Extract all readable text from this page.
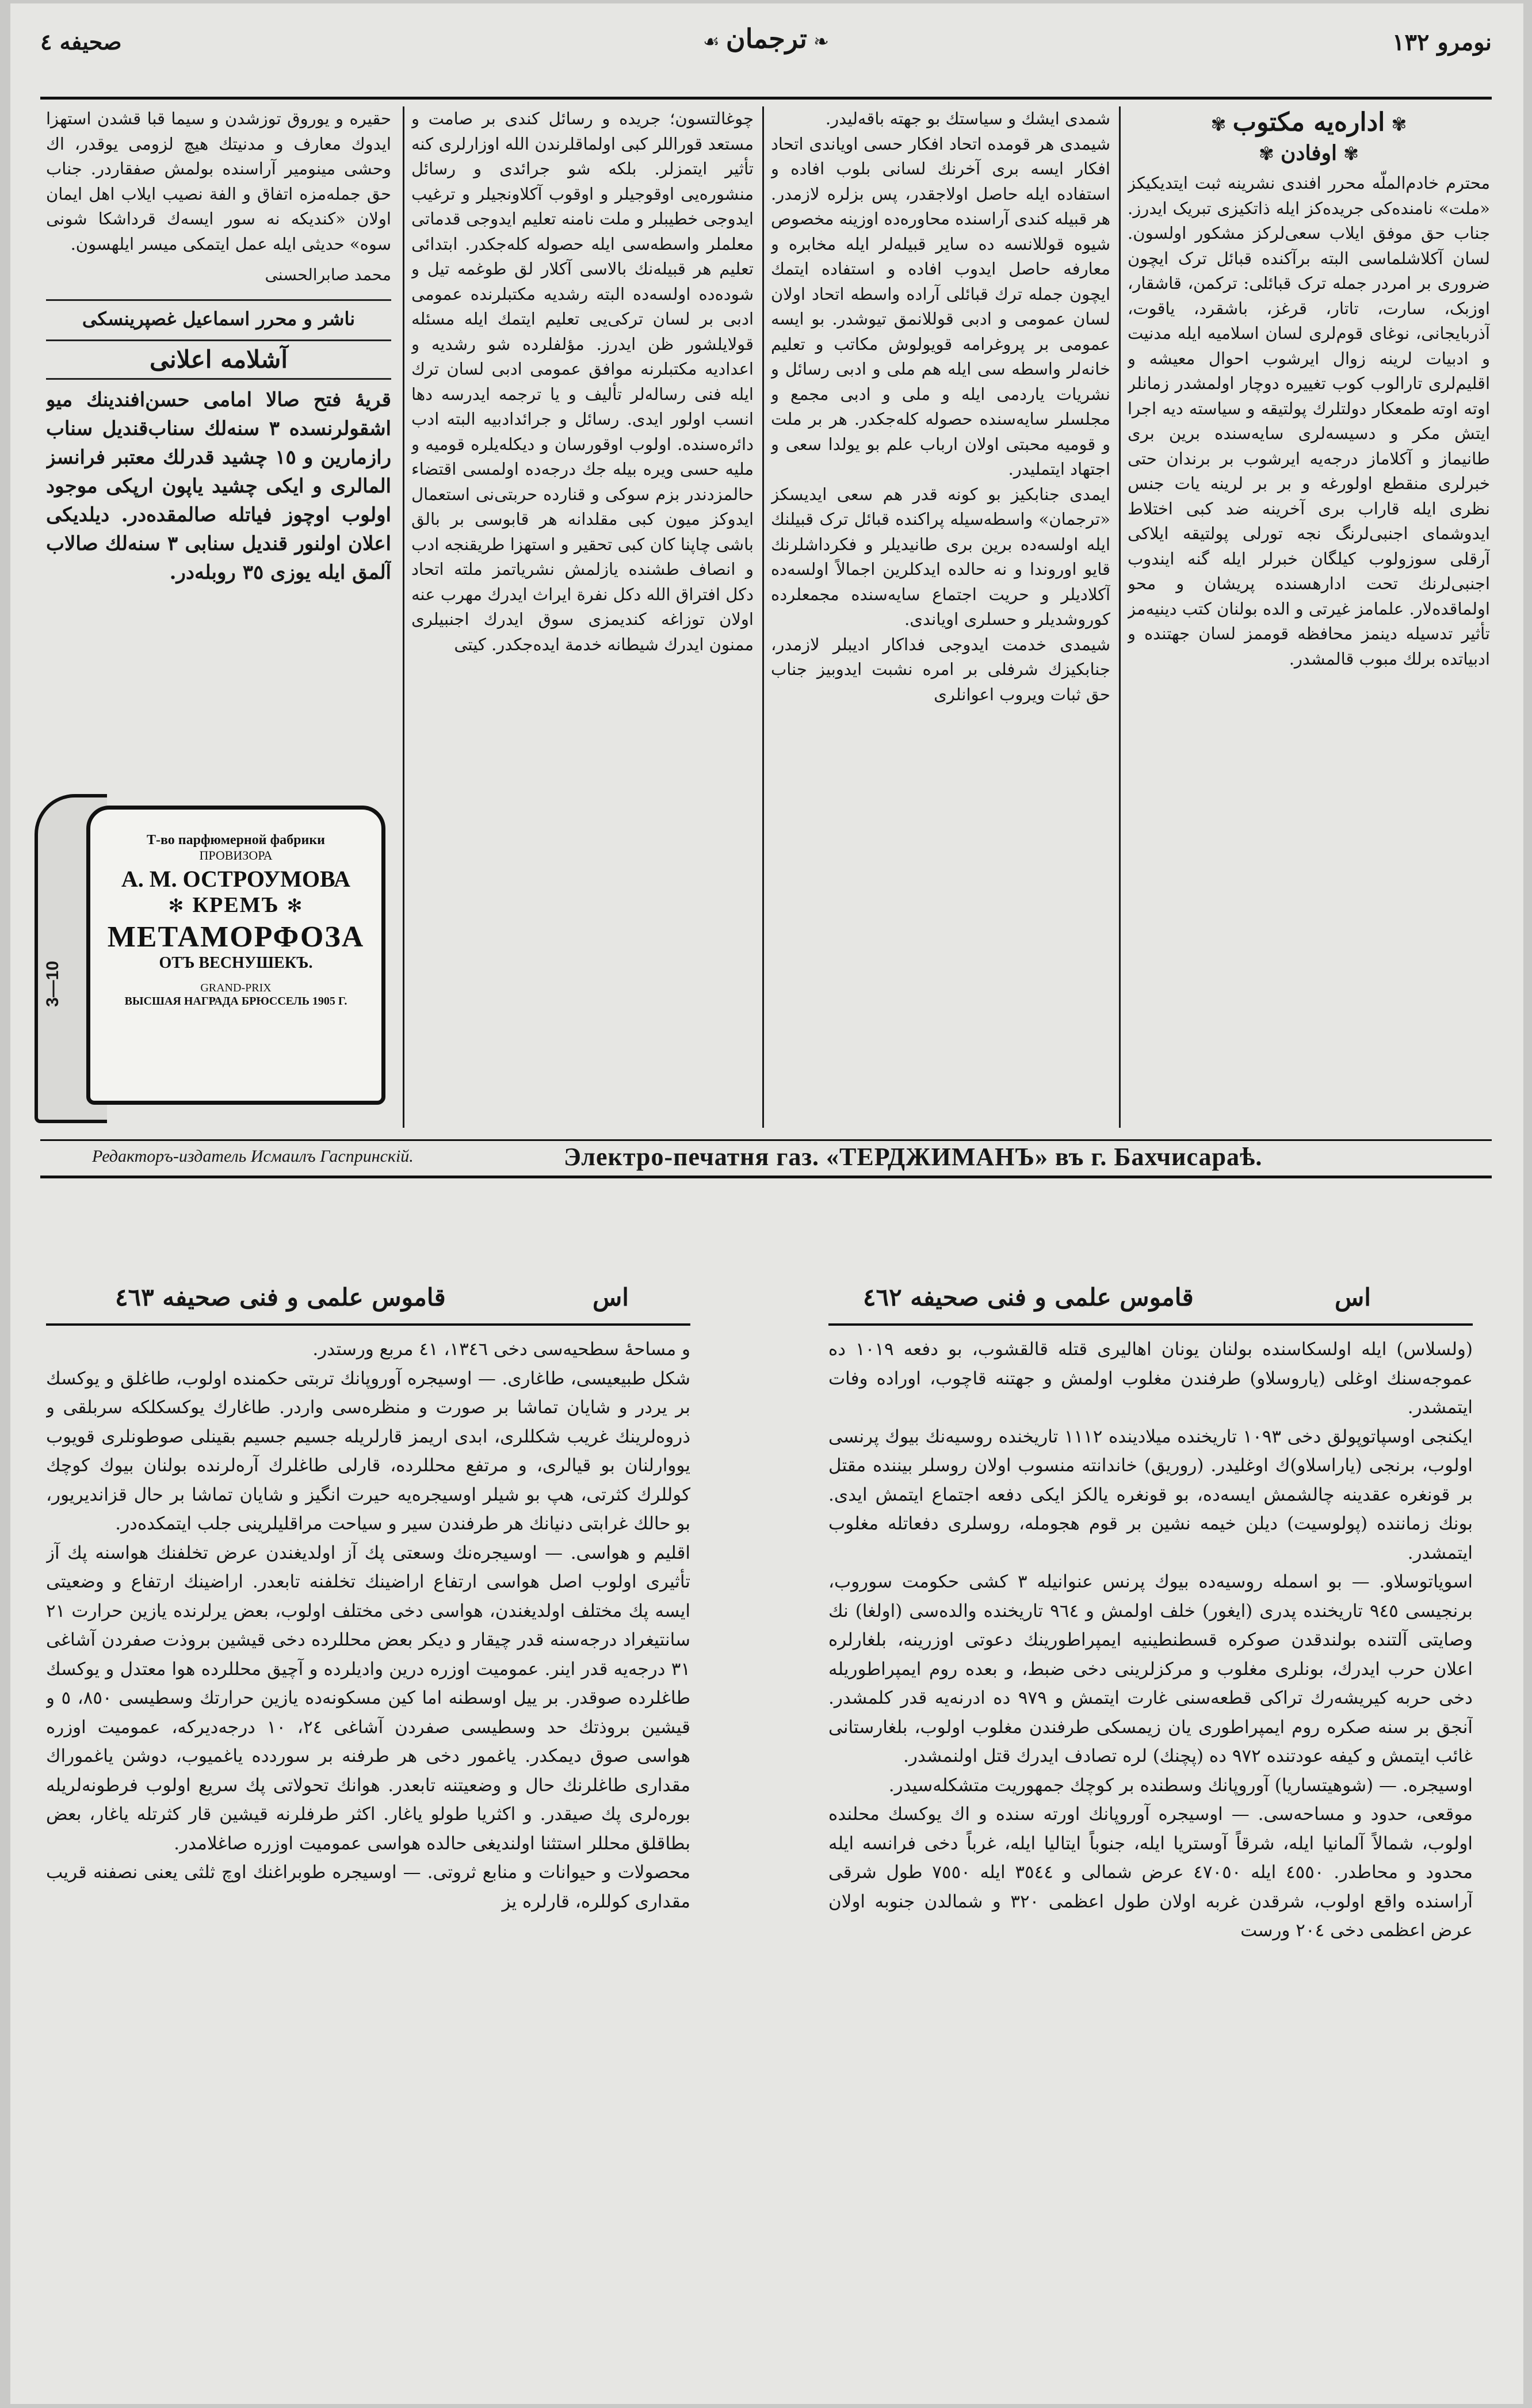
صحیفه ٤	❧ ترجمان ☙	نومرو ١٣٢
✾ اداره‌یه مکتوب ✾
✾ اوفادن ✾

محترم خادم‌الملّه محرر افندی نشرینه ثبت ایتدیکیکز «ملت» نامنده‌کی جریده‌کز ایله ذاتکیزی تبریک ایدرز. جناب حق موفق ایلاب سعی‌لرکز مشکور اولسون. لسان آکلاشلماسی البته برآکنده قبائل ترک ایچون ضروری بر امردر جمله ترک قبائلی: ترکمن، قاشقار، اوزبک، سارت، تاتار، قرغز، باشقرد، یاقوت، آذربایجانی، نوغای قوم‌لری لسان اسلامیه ایله مدنیت و ادبیات لرینه زوال ایرشوب احوال معیشه و اقلیم‌لری تارالوب کوب تغییره دوچار اولمشدر زمانلر اوته اوته طمعکار دولتلرك پولتیقه و سیاسته دیه اجرا ایتش مکر و دسیسه‌لری سایه‌سنده برین بری طانیماز و آکلاماز درجه‌یه ایرشوب بر برندان حتی خبرلری منقطع اولورغه و بر بر لرینه یات جنس نظری ایله قاراب بری آخرینه ضد کبی اختلاط ایدوشمای اجنبی‌لرنگ نجه تورلی پولتیقه ایلاکی آرقلی سوزولوب کیلگان خبرلر ایله گنه ایندوب اجنبی‌لرنك تحت ادارهسنده پریشان و محو اولماقده‌لار. علمامز غیرتی و الده بولنان کتب دینیه‌مز تأثیر تدسیله دینمز محافظه قوممز لسان جهتنده و ادبیاتده برلك مبوب قالمشدر.

شمدی ایشك و سیاستك بو جهته باقه‌لیدر.

شیمدی هر قومده اتحاد افکار حسی اویاندی اتحاد افکار ایسه بری آخرنك لسانی بلوب افاده و استفاده ایله حاصل اولاجقدر، پس بزلره لازمدر. هر قبیله کندی آراسنده محاوره‌ده اوزینه مخصوص شیوه قوللانسه ده سایر قبیله‌لر ایله مخابره و معارفه حاصل ایدوب افاده و استفاده ایتمك ایچون جمله ترك قبائلی آراده واسطه اتحاد اولان لسان عمومی و ادبی قوللانمق تیوشدر. بو ایسه عمومی بر پروغرامه قویولوش مکاتب و تعلیم خانه‌لر واسطه سی ایله هم ملی و ادبی رسائل و نشریات یاردمی ایله و ملی و ادبی مجمع و مجلسلر سایه‌سنده حصوله کله‌جکدر. هر بر ملت و قومیه محبتی اولان ارباب علم بو یولدا سعی و اجتهاد ایتملیدر.

ایمدی جنابکیز بو کونه قدر هم سعی ایدیسکز «ترجمان» واسطه‌سیله پراکنده قبائل ترک قبیلنك ایله اولسه‌ده برین بری طانیدیلر و فکرداشلرنك قایو اوروندا و نه حالده ایدکلرین اجمالاً اولسه‌ده آکلادیلر و حریت اجتماع سایه‌سنده مجمعلرده کوروشدیلر و حسلری اویاندی.

شیمدی خدمت ایدوجی فداکار ادیبلر لازمدر، جنابکیزك شرفلی بر امره نشبت ایدوبیز جناب حق ثبات ویروب اعوانلری

چوغالتسون؛ جریده و رسائل کندی بر صامت و مستعد قوراللر کبی اولماقلرندن الله اوزارلری کنه تأثیر ایتمزلر. بلکه شو جرائدی و رسائل منشوره‌یی اوقوجیلر و اوقوب آکلاونجیلر و ترغیب ایدوجی خطیبلر و ملت نامنه تعلیم ایدوجی قدماتی معلملر واسطه‌سی ایله حصوله کله‌جکدر. ابتدائی تعلیم هر قبیله‌نك بالاسی آکلار لق طوغمه تیل و شوده‌ده اولسه‌ده البته رشدیه مکتبلرنده عمومی ادبی بر لسان ترکی‌یی تعلیم ایتمك ایله مسئله قولایلشور ظن ایدرز. مؤلفلرده شو رشدیه و اعدادیه مکتبلرنه موافق عمومی ادبی لسان ترك ایله فنی رساله‌لر تألیف و یا ترجمه ایدرسه دها انسب اولور ایدی. رسائل و جرائدادبیه البته ادب دائره‌سنده. اولوب اوقورسان و دیکله‌یلره قومیه و ملیه حسی ویره بیله جك درجه‌ده اولمسی اقتضاء حالمزدندر بزم سوکی و قنارده حربتی‌نی استعمال ایدوكز میون کبی مقلدانه هر قابوسی بر بالق باشی چاپنا کان کبی تحقیر و استهزا طریقنجه ادب و انصاف طشنده یازلمش نشریاتمز ملته اتحاد دکل افتراق الله دکل نفرة ایراث ایدرك مهرب عنه اولان توزاغه کندیمزی سوق ایدرك اجنبیلری ممنون ایدرك شیطانه خدمة ایده‌جکدر. کیتی

حقیره و یوروق توزشدن و سیما قبا قشدن استهزا ایدوك معارف و مدنیتك هیچ لزومی یوقدر، اك وحشی مینومیر آراسنده بولمش صفقاردر. جناب حق جمله‌مزه اتفاق و الفة نصیب ایلاب اهل ایمان اولان «کندیکه نه سور ایسه‌ك قرداشکا شونی سوه» حدیثی ایله عمل ایتمکی میسر ایلهسون.

محمد صابرالحسنی
ناشر و محرر اسماعیل غصپرینسکی
آشلامه اعلانی
قریهٔ فتح صالا امامی حسن‌افندینك میو اشقولرنسده ٣ سنه‌لك سناب‌قندیل سناب رازمارین و ١٥ چشید قدرلك معتبر فرانسز المالری و ایکی چشید یاپون ارپکی موجود اولوب اوچوز فیاتله صالمقده‌در. دیلدیکی اعلان اولنور قندیل سنابی ٣ سنه‌لك صالاب آلمق ایله یوزی ٣٥ روبله‌در.
3—10
Т-во парфюмерной фабрики
ПРОВИЗОРА
А. М. ОСТРОУМОВА
✻ КРЕМЪ ✻
МЕТАМОРФОЗА
ОТЪ ВЕСНУШЕКЪ.
GRAND-PRIX
ВЫСШАЯ НАГРАДА БРЮССЕЛЬ 1905 Г.
Редакторъ-издатель Исмаилъ Гаспринскій.	Электро-печатня газ. «ТЕРДЖИМАНЪ» въ г. Бахчисараѣ.
قاموس علمی و فنی صحیفه ٤٦٣	اس

و مساحهٔ سطحیه‌سی دخی ١٣٤٦، ٤١ مربع ورستدر.

شکل طبیعیسی، طاغاری. — اوسیجره آوروپانك تربتی حکمنده اولوب، طاغلق و یوکسك بر یردر و شایان تماشا بر صورت و منظره‌سی واردر. طاغارك یوکسکلکه سربلقی و ذروه‌لرینك غریب شکللری، ابدی اریمز قارلریله جسیم جسیم بقینلی صوطونلری قویوب یووارلنان بو قیالری، و مرتفع محللرده، قارلی طاغلرك آره‌لرنده بولنان بیوك کوچك کوللرك کثرتی، هپ بو شیلر اوسیجره‌یه حیرت انگیز و شایان تماشا بر حال قزاندیریور، بو حالك غرابتی دنیانك هر طرفندن سیر و سیاحت مراقلیلرینی جلب ایتمکده‌در.

اقلیم و هواسی. — اوسیجره‌نك وسعتی پك آز اولدیغندن عرض تخلفنك هواسنه پك آز تأثیری اولوب اصل هواسی ارتفاع اراضینك تخلفنه تابعدر. اراضینك ارتفاع و وضعیتی ایسه پك مختلف اولدیغندن، هواسی دخی مختلف اولوب، بعض یرلرنده یازین حرارت ٢١ سانتیغراد درجه‌سنه قدر چیقار و دیکر بعض محللرده دخی قیشین بروذت صفردن آشاغی ٣١ درجه‌یه قدر اینر. عمومیت اوزره درین وادیلرده و آچیق محللرده هوا معتدل و یوکسك طاغلرده صوقدر. بر ییل اوسطنه اما کین مسکونه‌ده یازین حرارتك وسطیسی ٨٥٠، ٥ و قیشین بروذتك حد وسطیسی صفردن آشاغی ٢٤، ١٠ درجه‌دیرکه، عمومیت اوزره هواسی صوق دیمکدر. یاغمور دخی هر طرفنه بر سوردده یاغمیوب، دوشن یاغموراك مقداری طاغلرنك حال و وضعیتنه تابعدر. هوانك تحولاتی پك سریع اولوب فرطونه‌لریله بوره‌لری پك صیقدر. و اکثریا طولو یاغار. اکثر طرفلرنه قیشین قار کثرتله یاغار، بعض بطاقلق محللر استثنا اولندیغی حالده هواسی عمومیت اوزره صاغلامدر.

محصولات و حیوانات و منابع ثروتی. — اوسیجره طوبراغنك اوچ ثلثی یعنی نصفنه قریب مقداری کوللره، قارلره یز

قاموس علمی و فنی صحیفه ٤٦٢	اس

(ولسلاس) ایله اولسکاسنده بولنان یونان اهالیری قتله قالقشوب، بو دفعه ١٠١٩ ده عموجه‌سنك اوغلی (یاروسلاو) طرفندن مغلوب اولمش و جهتنه قاچوب، اوراده وفات ایتمشدر.

ایکنجی اوسپاتوپولق دخی ١٠٩٣ تاریخنده میلادینده ١١١٢ تاریخنده روسیه‌نك بیوك پرنسی اولوب، برنجی (یاراسلاو)ك اوغلیدر. (روریق) خاندانته منسوب اولان روسلر بیننده مقتل بر قونغره عقدینه چالشمش ایسه‌ده، بو قونغره یالکز ایکی دفعه اجتماع ایتمش ایدی. بونك زماننده (پولوسیت) دیلن خیمه نشین بر قوم هجومله، روسلری دفعاتله مغلوب ایتمشدر.

اسویاتوسلاو. — بو اسمله روسیه‌ده بیوك پرنس عنوانیله ٣ کشی حکومت سوروب، برنجیسی ٩٤٥ تاریخنده پدری (ایغور) خلف اولمش و ٩٦٤ تاریخنده والده‌سی (اولغا) نك وصایتی آلتنده بولندقدن صوکره قسطنطینیه ایمپراطورینك دعوتی اوزرینه، بلغارلره اعلان حرب ایدرك، بونلری مغلوب و مرکزلرینی دخی ضبط، و بعده روم ایمپراطوریله دخی حربه کیریشه‌رك تراکی قطعه‌سنی غارت ایتمش و ٩٧٩ ده ادرنه‌یه قدر کلمشدر. آنجق بر سنه صکره روم ایمپراطوری یان زیمسکی طرفندن مغلوب اولوب، بلغارستانی غائب ایتمش و کیفه عودتنده ٩٧٢ ده (پچنك) لره تصادف ایدرك قتل اولنمشدر.

اوسیجره. — (شوهیتساریا) آوروپانك وسطنده بر کوچك جمهوریت متشکله‌سیدر.

موقعی، حدود و مساحه‌سی. — اوسیجره آوروپانك اورته سنده و اك یوکسك محلنده اولوب، شمالاً آلمانیا ایله، شرقاً آوستریا ایله، جنوباً ایتالیا ایله، غرباً دخی فرانسه ایله محدود و محاطدر. ٤٥٥٠ ایله ٤٧٠٥٠ عرض شمالی و ٣٥٤٤ ایله ٧٥٥٠ طول شرقی آراسنده واقع اولوب، شرقدن غربه اولان طول اعظمی ٣٢٠ و شمالدن جنوبه اولان عرض اعظمی دخی ٢٠٤ ورست
